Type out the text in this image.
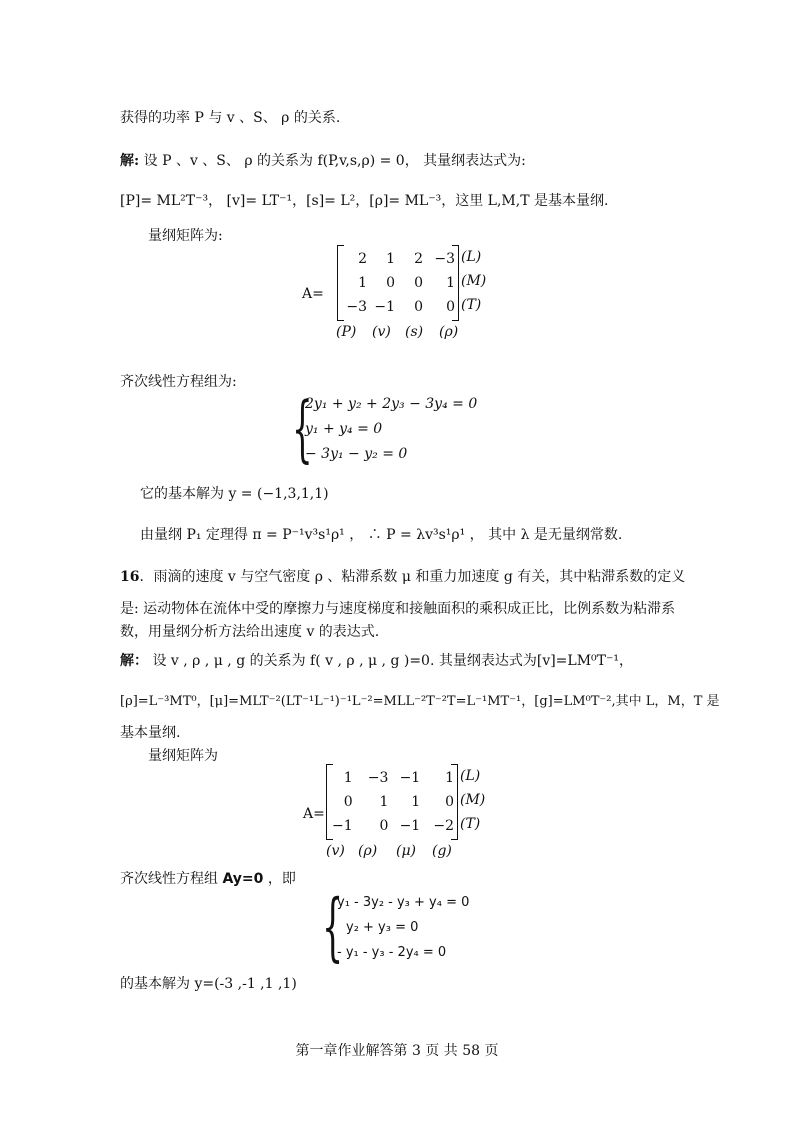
获得的功率 P 与 v 、S、 ρ 的关系.
解: 设 P 、v 、S、 ρ 的关系为 f(P,v,s,ρ) = 0， 其量纲表达式为:
[P]= ML²T⁻³， [v]= LT⁻¹，[s]= L²，[ρ]= ML⁻³，这里 L,M,T 是基本量纲.
量纲矩阵为:
A=
2	1	2	−3
1	0	0	1
−3	−1	0	0
(L)
(M)
(T)
(P) (v) (s) (ρ)
齐次线性方程组为:
{
2y₁ + y₂ + 2y₃ − 3y₄ = 0
y₁ + y₄ = 0
− 3y₁ − y₂ = 0
它的基本解为 y = (−1,3,1,1)
由量纲 P₁ 定理得 π = P⁻¹v³s¹ρ¹ ， ∴ P = λv³s¹ρ¹ ， 其中 λ 是无量纲常数.
16．雨滴的速度 v 与空气密度 ρ 、粘滞系数 μ 和重力加速度 g 有关，其中粘滞系数的定义
是: 运动物体在流体中受的摩擦力与速度梯度和接触面积的乘积成正比，比例系数为粘滞系
数，用量纲分析方法给出速度 v 的表达式.
解： 设 v , ρ , μ , g 的关系为 f( v , ρ , μ , g )=0. 其量纲表达式为[v]=LM⁰T⁻¹，
[ρ]=L⁻³MT⁰，[μ]=MLT⁻²(LT⁻¹L⁻¹)⁻¹L⁻²=MLL⁻²T⁻²T=L⁻¹MT⁻¹，[g]=LM⁰T⁻²,其中 L，M，T 是
基本量纲.
量纲矩阵为
A=
1	−3	−1	1
0	1	1	0
−1	0	−1	−2
(L)
(M)
(T)
(v) (ρ) (μ) (g)
齐次线性方程组 Ay=0 ，即
{
y₁ - 3y₂ - y₃ + y₄ = 0
y₂ + y₃ = 0
- y₁ - y₃ - 2y₄ = 0
的基本解为 y=(-3 ,-1 ,1 ,1)
第一章作业解答第 3 页 共 58 页
